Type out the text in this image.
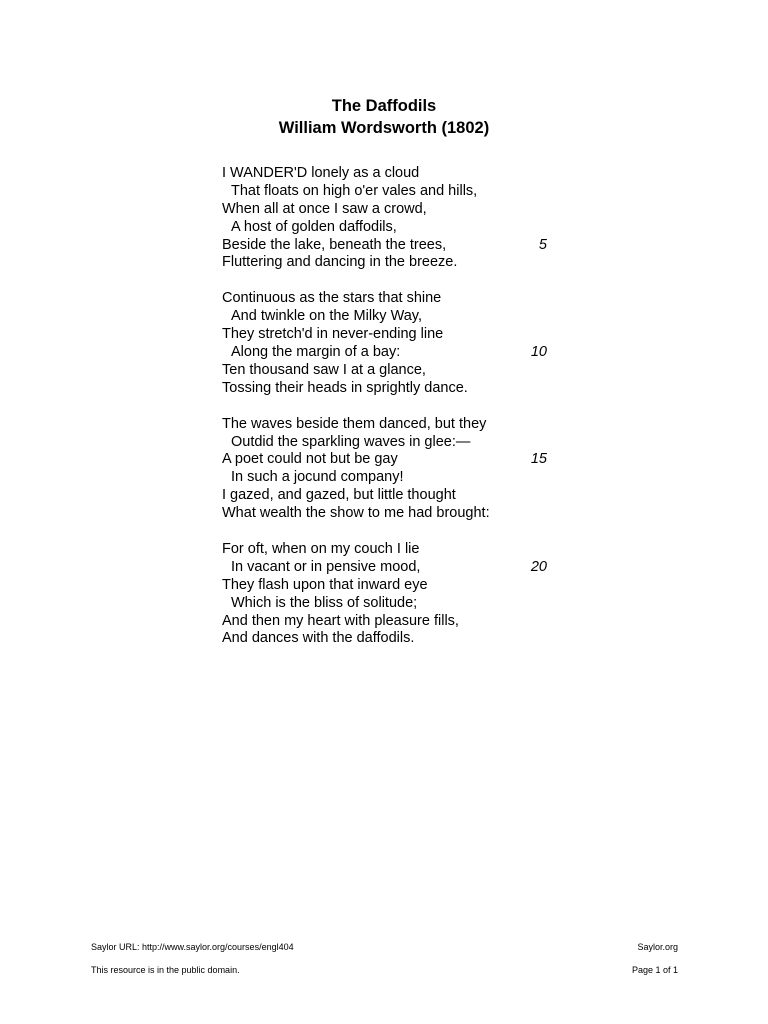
The Daffodils

William Wordsworth (1802)

I WANDER'D lonely as a cloud
That floats on high o'er vales and hills,
When all at once I saw a crowd,
A host of golden daffodils,
Beside the lake, beneath the trees,	5
Fluttering and dancing in the breeze.
Continuous as the stars that shine
And twinkle on the Milky Way,
They stretch'd in never-ending line
Along the margin of a bay:	10
Ten thousand saw I at a glance,
Tossing their heads in sprightly dance.
The waves beside them danced, but they
Outdid the sparkling waves in glee:—
A poet could not but be gay	15
In such a jocund company!
I gazed, and gazed, but little thought
What wealth the show to me had brought:
For oft, when on my couch I lie
In vacant or in pensive mood,	20
They flash upon that inward eye
Which is the bliss of solitude;
And then my heart with pleasure fills,
And dances with the daffodils.
Saylor URL: http://www.saylor.org/courses/engl404	Saylor.org
This resource is in the public domain.	Page 1 of 1
